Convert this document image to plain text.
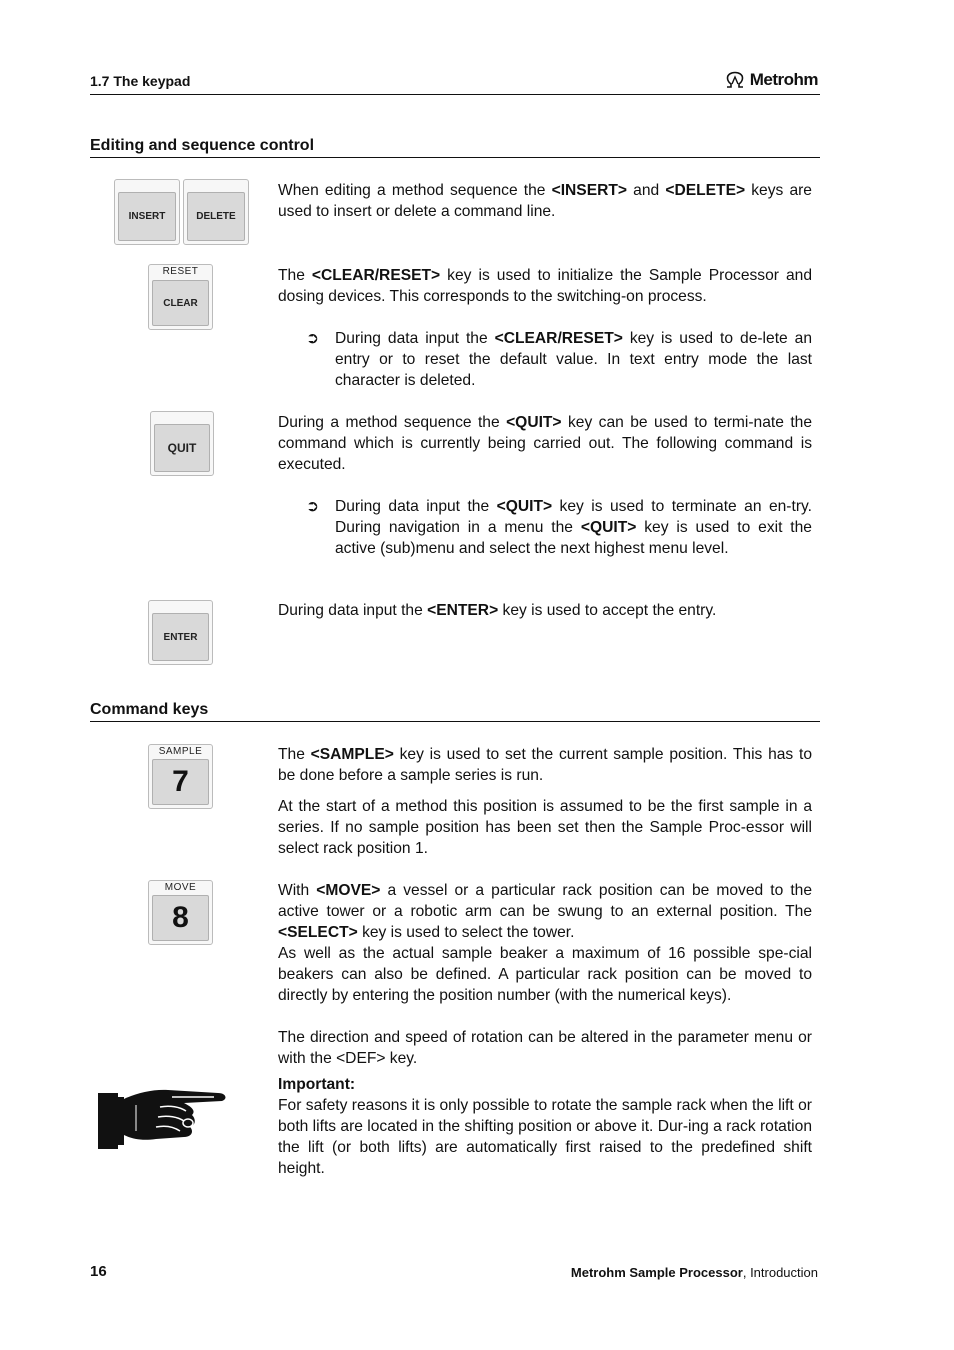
1.7 The keypad	Metrohm
Editing and sequence control
INSERT	DELETE

When editing a method sequence the <INSERT> and <DELETE> keys are used to insert or delete a command line.

RESET
CLEAR

The <CLEAR/RESET> key is used to initialize the Sample Processor and dosing devices. This corresponds to the switching-on process.

➲ During data input the <CLEAR/RESET> key is used to de-lete an entry or to reset the default value. In text entry mode the last character is deleted.
QUIT

During a method sequence the <QUIT> key can be used to termi-nate the command which is currently being carried out. The following command is executed.

➲ During data input the <QUIT> key is used to terminate an en-try. During navigation in a menu the <QUIT> key is used to exit the active (sub)menu and select the next highest menu level.
ENTER

During data input the <ENTER> key is used to accept the entry.

Command keys
SAMPLE
7

The <SAMPLE> key is used to set the current sample position. This has to be done before a sample series is run.

At the start of a method this position is assumed to be the first sample in a series. If no sample position has been set then the Sample Proc-essor will select rack position 1.

MOVE
8

With <MOVE> a vessel or a particular rack position can be moved to the active tower or a robotic arm can be swung to an external position. The <SELECT> key is used to select the tower.

As well as the actual sample beaker a maximum of 16 possible spe-cial beakers can also be defined. A particular rack position can be moved to directly by entering the position number (with the numerical keys).

The direction and speed of rotation can be altered in the parameter menu or with the <DEF> key.

Important:

For safety reasons it is only possible to rotate the sample rack when the lift or both lifts are located in the shifting position or above it. Dur-ing a rack rotation the lift (or both lifts) are automatically first raised to the predefined shift height.

16	Metrohm Sample Processor, Introduction
